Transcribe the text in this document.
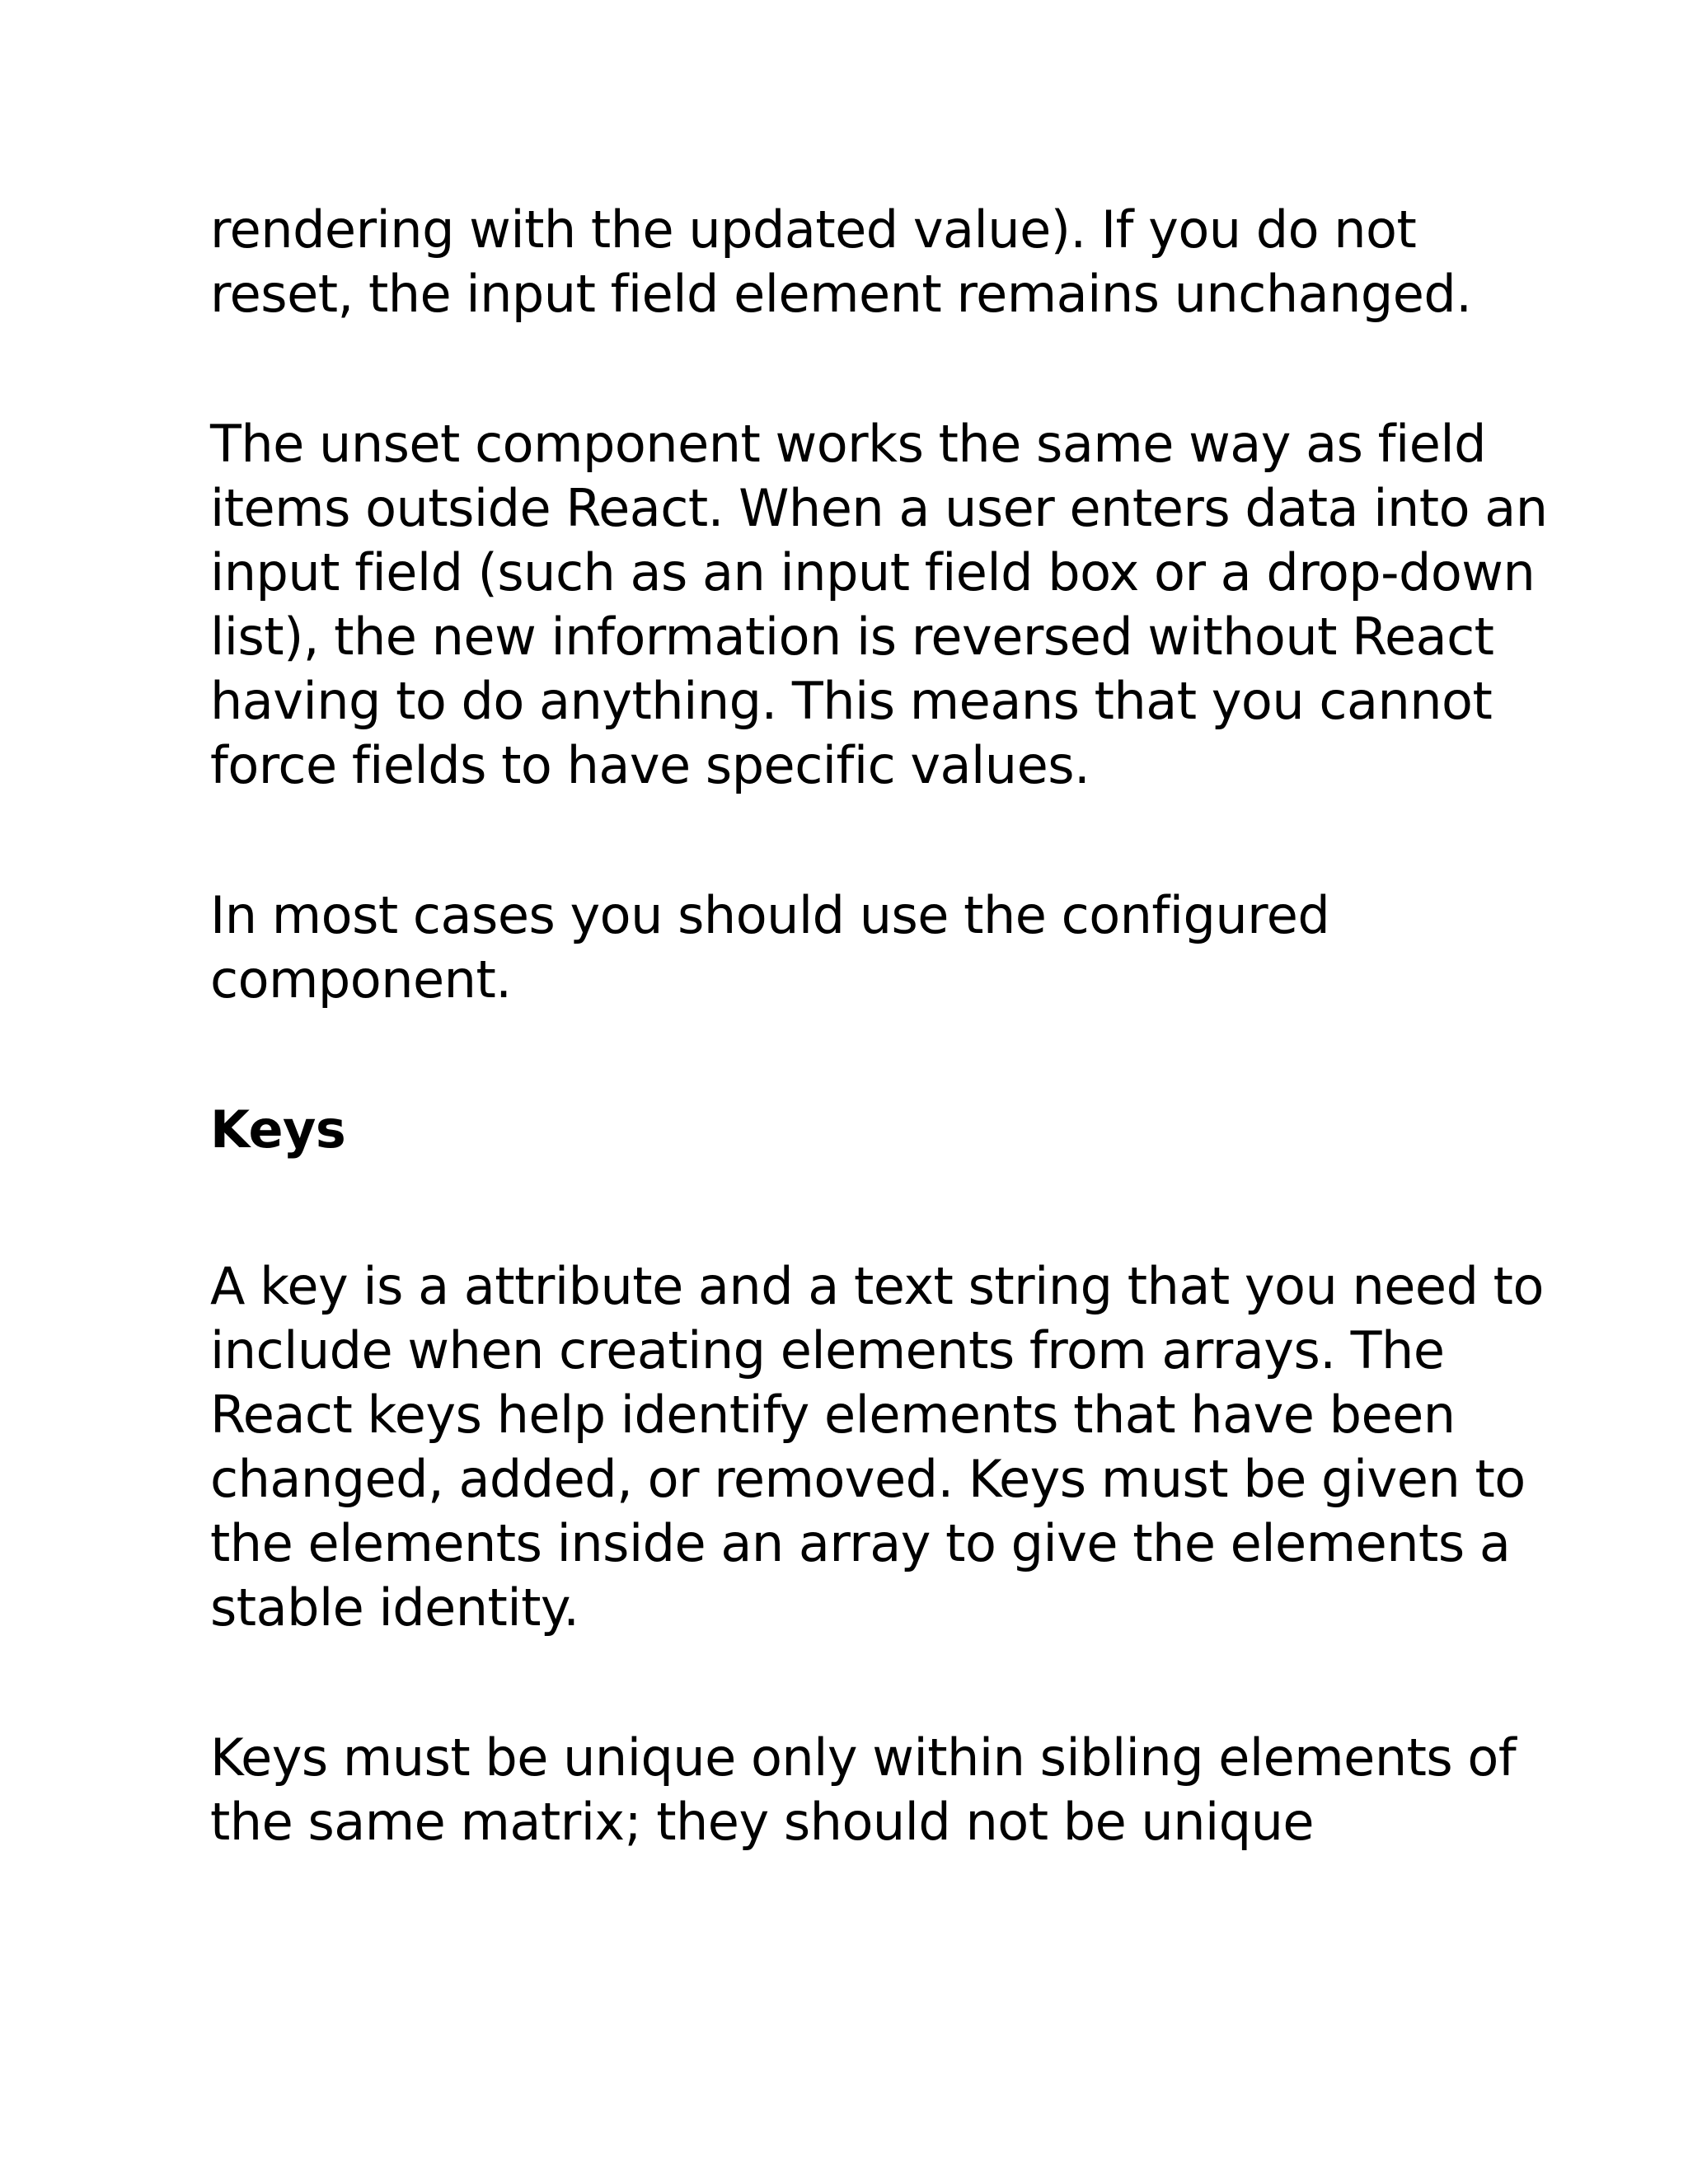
rendering with the updated value). If you do not
reset, the input field element remains unchanged.
The unset component works the same way as field
items outside React. When a user enters data into an
input field (such as an input field box or a drop-down
list), the new information is reversed without React
having to do anything. This means that you cannot
force fields to have specific values.
In most cases you should use the configured
component.
Keys
A key is a attribute and a text string that you need to
include when creating elements from arrays. The
React keys help identify elements that have been
changed, added, or removed. Keys must be given to
the elements inside an array to give the elements a
stable identity.
Keys must be unique only within sibling elements of
the same matrix; they should not be unique
